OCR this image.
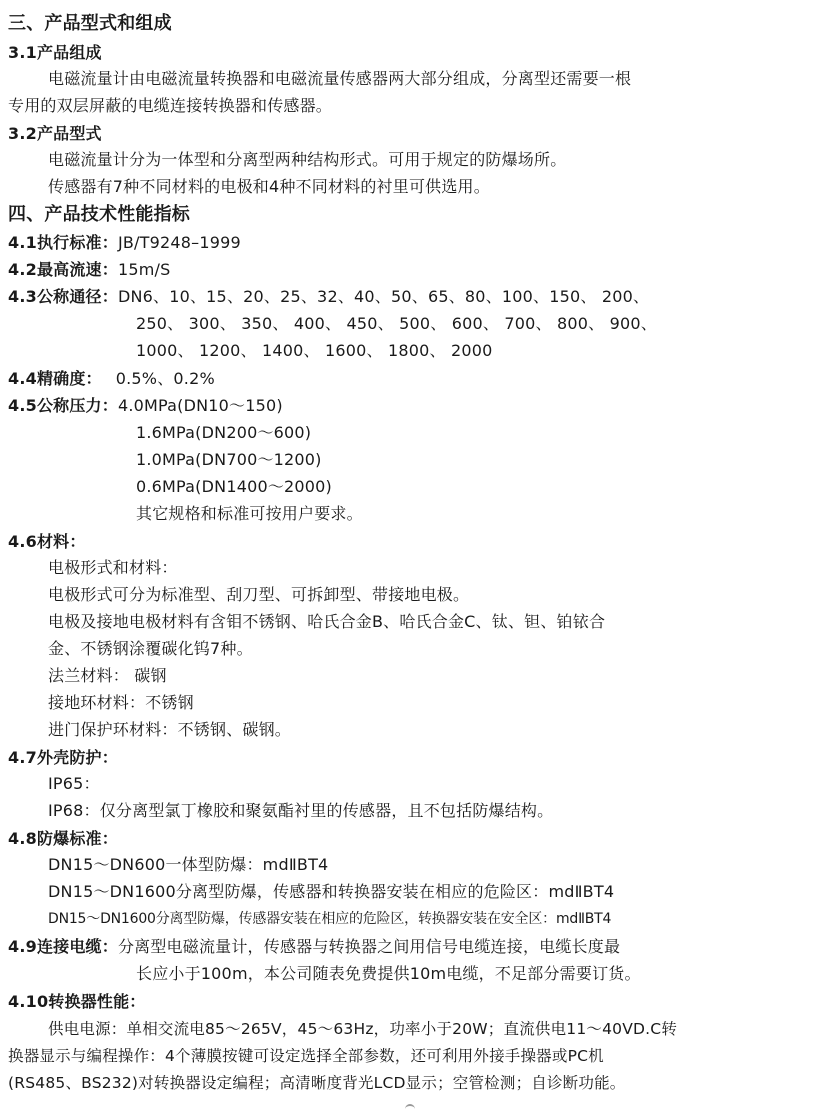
三、产品型式和组成
3.1产品组成
电磁流量计由电磁流量转换器和电磁流量传感器两大部分组成，分离型还需要一根
专用的双层屏蔽的电缆连接转换器和传感器。
3.2产品型式
电磁流量计分为一体型和分离型两种结构形式。可用于规定的防爆场所。
传感器有7种不同材料的电极和4种不同材料的衬里可供选用。
四、产品技术性能指标
4.1执行标准：JB/T9248–1999
4.2最高流速：15m/S
4.3公称通径：DN6、10、15、20、25、32、40、50、65、80、100、150、 200、
250、 300、 350、 400、 450、 500、 600、 700、 800、 900、
1000、 1200、 1400、 1600、 1800、 2000
4.4精确度： 0.5%、0.2%
4.5公称压力：4.0MPa(DN10～150)
1.6MPa(DN200～600)
1.0MPa(DN700～1200)
0.6MPa(DN1400～2000)
其它规格和标准可按用户要求。
4.6材料：
电极形式和材料：
电极形式可分为标准型、刮刀型、可拆卸型、带接地电极。
电极及接地电极材料有含钼不锈钢、哈氏合金B、哈氏合金C、钛、钽、铂铱合
金、不锈钢涂覆碳化钨7种。
法兰材料： 碳钢
接地环材料：不锈钢
进门保护环材料：不锈钢、碳钢。
4.7外壳防护：
IP65：
IP68：仅分离型氯丁橡胶和聚氨酯衬里的传感器，且不包括防爆结构。
4.8防爆标准：
DN15～DN600一体型防爆：mdⅡBT4
DN15～DN1600分离型防爆，传感器和转换器安装在相应的危险区：mdⅡBT4
DN15～DN1600分离型防爆，传感器安装在相应的危险区，转换器安装在安全区：mdⅡBT4
4.9连接电缆：分离型电磁流量计，传感器与转换器之间用信号电缆连接，电缆长度最
长应小于100m，本公司随表免费提供10m电缆，不足部分需要订货。
4.10转换器性能：
供电电源：单相交流电85～265V，45～63Hz，功率小于20W；直流供电11～40VD.C转
换器显示与编程操作：4个薄膜按键可设定选择全部参数，还可利用外接手操器或PC机
(RS485、BS232)对转换器设定编程；高清晰度背光LCD显示；空管检测；自诊断功能。
